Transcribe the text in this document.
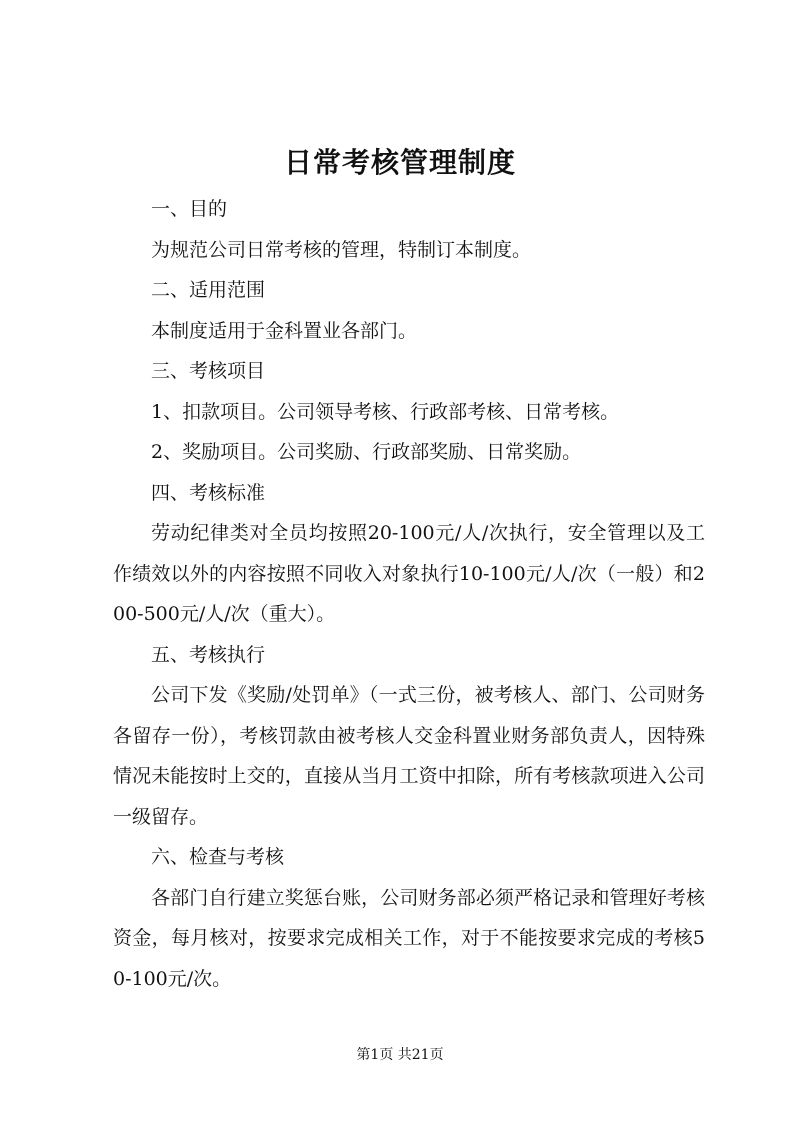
日常考核管理制度

一、目的

为规范公司日常考核的管理，特制订本制度。

二、适用范围

本制度适用于金科置业各部门。

三、考核项目

1、扣款项目。公司领导考核、行政部考核、日常考核。

2、奖励项目。公司奖励、行政部奖励、日常奖励。

四、考核标准

劳动纪律类对全员均按照20-100元/人/次执行，安全管理以及工作绩效以外的内容按照不同收入对象执行10-100元/人/次（一般）和200-500元/人/次（重大）。

五、考核执行

公司下发《奖励/处罚单》（一式三份，被考核人、部门、公司财务各留存一份），考核罚款由被考核人交金科置业财务部负责人，因特殊情况未能按时上交的，直接从当月工资中扣除，所有考核款项进入公司一级留存。

六、检查与考核

各部门自行建立奖惩台账，公司财务部必须严格记录和管理好考核资金，每月核对，按要求完成相关工作，对于不能按要求完成的考核50-100元/次。

第1页 共21页
